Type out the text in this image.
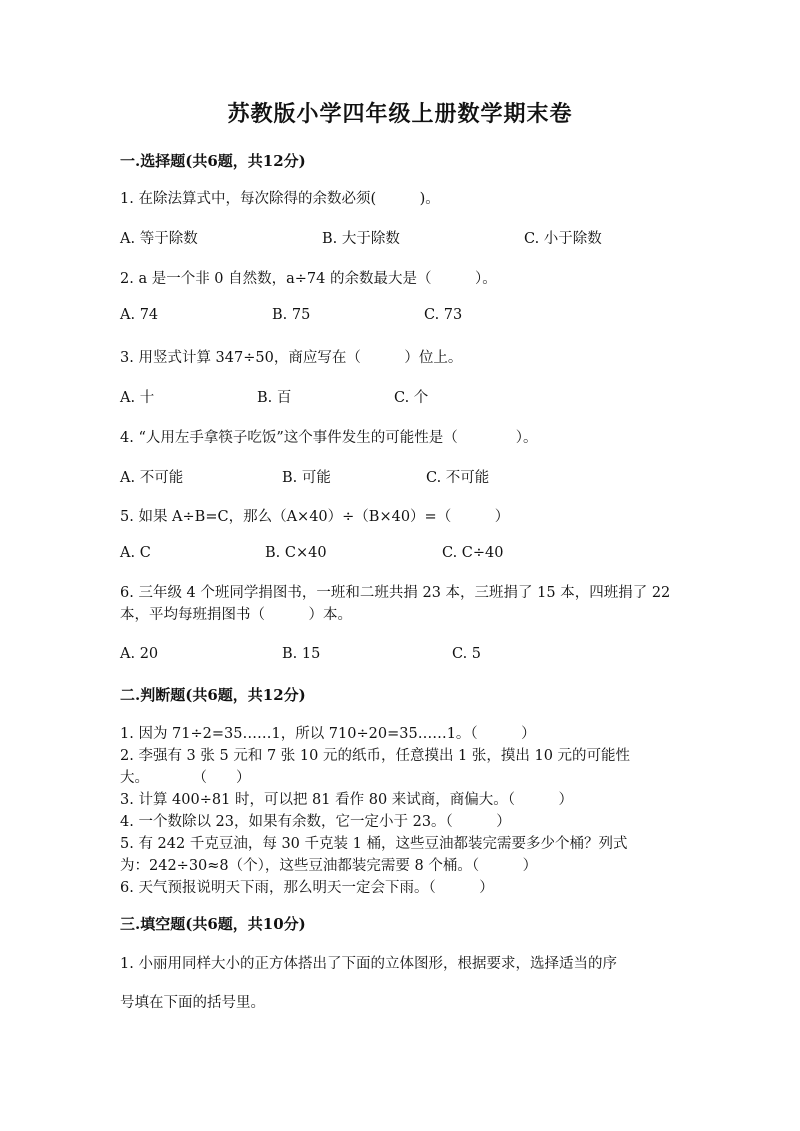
苏教版小学四年级上册数学期末卷
一.选择题(共6题，共12分)
1. 在除法算式中，每次除得的余数必须(　　　)。
A. 等于除数	B. 大于除数	C. 小于除数
2. a 是一个非 0 自然数，a÷74 的余数最大是（　　　）。
A. 74	B. 75	C. 73
3. 用竖式计算 347÷50，商应写在（　　　）位上。
A. 十	B. 百	C. 个
4. “人用左手拿筷子吃饭”这个事件发生的可能性是（　　　　）。
A. 不可能	B. 可能	C. 不可能
5. 如果 A÷B=C，那么（A×40）÷（B×40）=（　　　）
A. C	B. C×40	C. C÷40
6. 三年级 4 个班同学捐图书，一班和二班共捐 23 本，三班捐了 15 本，四班捐了 22 本，平均每班捐图书（　　　）本。
A. 20	B. 15	C. 5
二.判断题(共6题，共12分)
1. 因为 71÷2=35……1，所以 710÷20=35……1。（　　　）
2. 李强有 3 张 5 元和 7 张 10 元的纸币，任意摸出 1 张，摸出 10 元的可能性
大。　　　　（　　）
3. 计算 400÷81 时，可以把 81 看作 80 来试商，商偏大。（　　　）
4. 一个数除以 23，如果有余数，它一定小于 23。（　　　）
5. 有 242 千克豆油，每 30 千克装 1 桶，这些豆油都装完需要多少个桶？列式
为：242÷30≈8（个），这些豆油都装完需要 8 个桶。（　　　）
6. 天气预报说明天下雨，那么明天一定会下雨。（　　　）
三.填空题(共6题，共10分)
1. 小丽用同样大小的正方体搭出了下面的立体图形，根据要求，选择适当的序
号填在下面的括号里。
